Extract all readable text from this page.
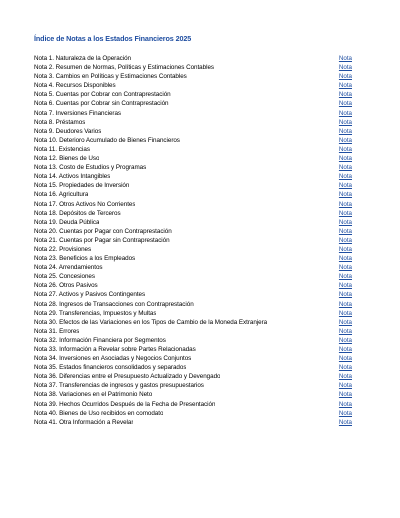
Índice de Notas a los Estados Financieros 2025
Nota 1. Naturaleza de la Operación	Nota
Nota 2. Resumen de Normas, Políticas y Estimaciones Contables	Nota
Nota 3. Cambios en Políticas y Estimaciones Contables	Nota
Nota 4. Recursos Disponibles	Nota
Nota 5. Cuentas por Cobrar con Contraprestación	Nota
Nota 6. Cuentas por Cobrar sin Contraprestación	Nota
Nota 7. Inversiones Financieras	Nota
Nota 8. Préstamos	Nota
Nota 9. Deudores Varios	Nota
Nota 10. Deterioro Acumulado de Bienes Financieros	Nota
Nota 11. Existencias	Nota
Nota 12. Bienes de Uso	Nota
Nota 13. Costo de Estudios y Programas	Nota
Nota 14. Activos Intangibles	Nota
Nota 15. Propiedades de Inversión	Nota
Nota 16. Agricultura	Nota
Nota 17. Otros Activos No Corrientes	Nota
Nota 18. Depósitos de Terceros	Nota
Nota 19. Deuda Pública	Nota
Nota 20. Cuentas por Pagar con Contraprestación	Nota
Nota 21. Cuentas por Pagar sin Contraprestación	Nota
Nota 22. Provisiones	Nota
Nota 23. Beneficios a los Empleados	Nota
Nota 24. Arrendamientos	Nota
Nota 25. Concesiones	Nota
Nota 26. Otros Pasivos	Nota
Nota 27. Activos y Pasivos Contingentes	Nota
Nota 28. Ingresos de Transacciones con Contraprestación	Nota
Nota 29. Transferencias, Impuestos y Multas	Nota
Nota 30. Efectos de las Variaciones en los Tipos de Cambio de la Moneda Extranjera	Nota
Nota 31. Errores	Nota
Nota 32. Información Financiera por Segmentos	Nota
Nota 33. Información a Revelar sobre Partes Relacionadas	Nota
Nota 34. Inversiones en Asociadas y Negocios Conjuntos	Nota
Nota 35. Estados financieros consolidados y separados	Nota
Nota 36. Diferencias entre el Presupuesto Actualizado y Devengado	Nota
Nota 37. Transferencias de ingresos y gastos presupuestarios	Nota
Nota 38. Variaciones en el Patrimonio Neto	Nota
Nota 39. Hechos Ocurridos Después de la Fecha de Presentación	Nota
Nota 40. Bienes de Uso recibidos en comodato	Nota
Nota 41. Otra Información a Revelar	Nota
